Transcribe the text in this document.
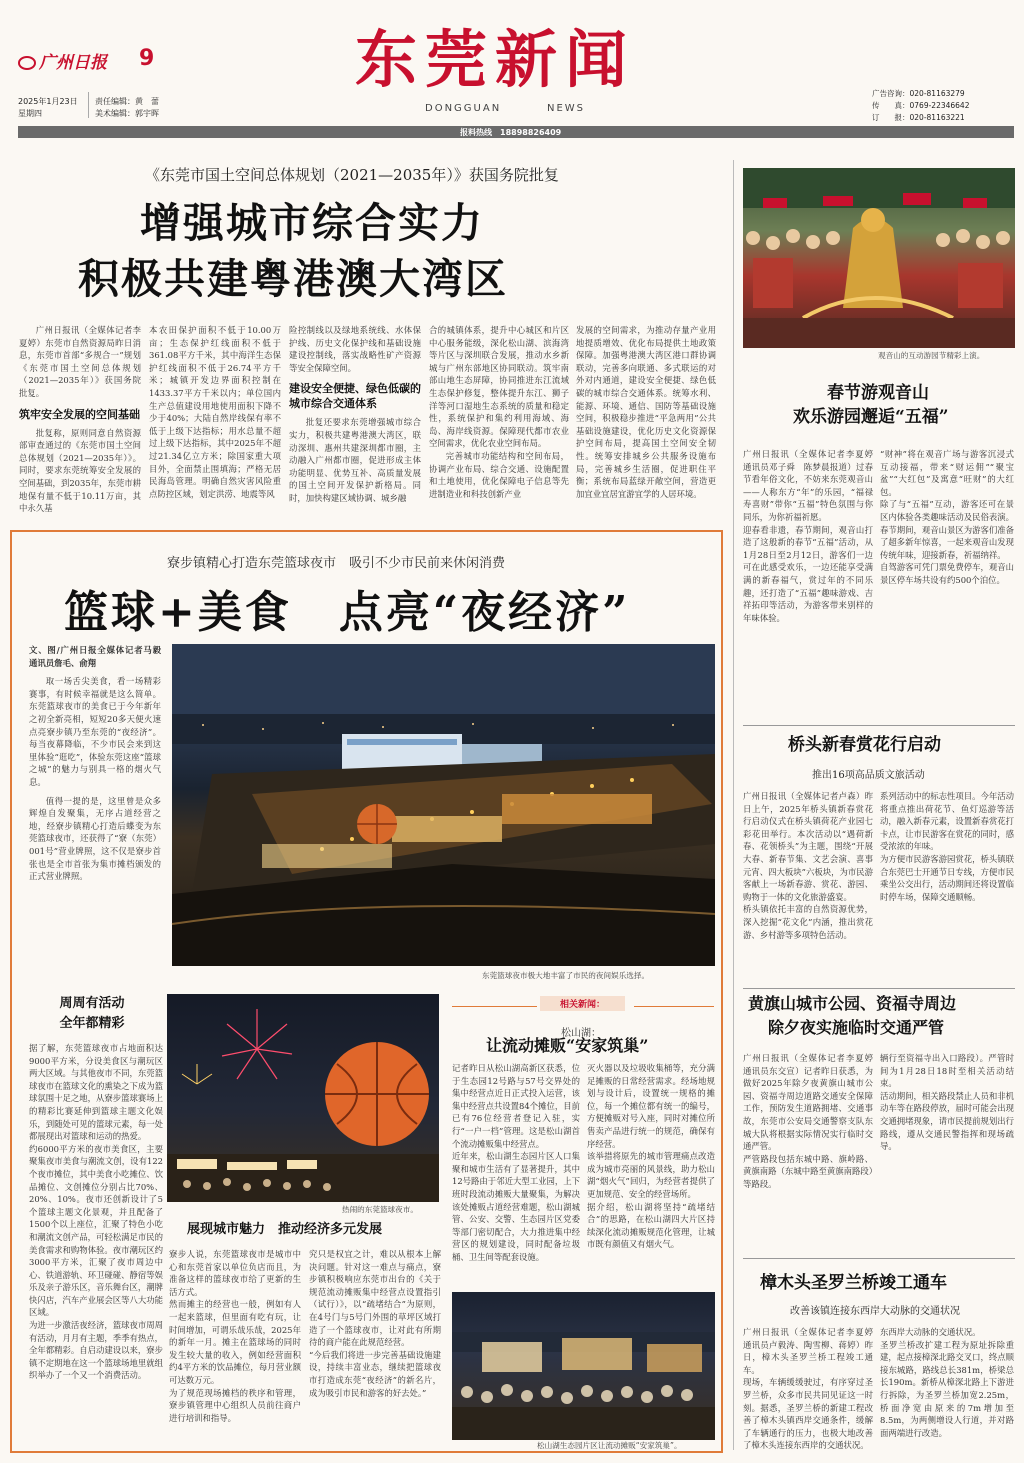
广州日报 9
2025年1月23日
星期四
责任编辑：黄　蕾
美术编辑：郭宇晖
东莞新闻
DONGGUAN	NEWS
广告咨询：020-81163279
传　　真：0769-22346642
订　　报：020-81163221
报料热线　18898826409
《东莞市国土空间总体规划（2021—2035年）》获国务院批复
增强城市综合实力
积极共建粤港澳大湾区

广州日报讯（全媒体记者李夏婷）东莞市自然资源局昨日消息，东莞市首部“多规合一”规划《东莞市国土空间总体规划（2021—2035年）》获国务院批复。

筑牢安全发展的空间基础

批复称，原则同意自然资源部审查通过的《东莞市国土空间总体规划（2021—2035年）》。同时，要求东莞统筹安全发展的空间基础，到2035年，东莞市耕地保有量不低于10.11万亩，其中永久基

本农田保护面积不低于10.00万亩；生态保护红线面积不低于361.08平方千米，其中海洋生态保护红线面积不低于26.74平方千米；城镇开发边界面积控制在1433.37平方千米以内；单位国内生产总值建设用地使用面积下降不少于40%；大陆自然岸线保有率不低于上级下达指标；用水总量不超过上级下达指标，其中2025年不超过21.34亿立方米；除国家重大项目外，全面禁止围填海；严格无居民海岛管理。明确自然灾害风险重点防控区域，划定洪涝、地震等风

险控制线以及绿地系统线、水体保护线、历史文化保护线和基础设施建设控制线，落实战略性矿产资源等安全保障空间。

建设安全便捷、绿色低碳的城市综合交通体系

批复还要求东莞增强城市综合实力，积极共建粤港澳大湾区，联动深圳、惠州共建深圳都市圈，主动融入广州都市圈，促进形成主体功能明显、优势互补、高质量发展的国土空间开发保护新格局。同时，加快构建区域协调、城乡融

合的城镇体系，提升中心城区和片区中心服务能级，深化松山湖、滨海湾等片区与深圳联合发展，推动水乡新城与广州东部地区协同联动。筑牢南部山地生态屏障，协同推进东江流域生态保护修复，整体提升东江、狮子洋等河口湿地生态系统的质量和稳定性，系统保护和集约利用海域、海岛、海岸线资源。保障现代都市农业空间需求，优化农业空间布局。

完善城市功能结构和空间布局，协调产业布局、综合交通、设施配置和土地使用，优化保障电子信息等先进制造业和科技创新产业

发展的空间需求，为推动存量产业用地提质增效、优化布局提供土地政策保障。加强粤港澳大湾区港口群协调联动，完善多向联通、多式联运的对外对内通道，建设安全便捷、绿色低碳的城市综合交通体系。统筹水利、能源、环境、通信、国防等基础设施空间，积极稳步推进“平急两用”公共基础设施建设，优化历史文化资源保护空间布局，提高国土空间安全韧性。统筹安排城乡公共服务设施布局，完善城乡生活圈，促进职住平衡；系统布局蓝绿开敞空间，营造更加宜业宜居宜游宜学的人居环境。

寮步镇精心打造东莞篮球夜市　吸引不少市民前来休闲消费
篮球+美食　点亮“夜经济”

文、图/广州日报全媒体记者马毅　通讯员詹毛、俞翔

取一场舌尖美食，看一场精彩赛事，有时候幸福就是这么简单。东莞篮球夜市的美食已于今年新年之初全新亮相，短短20多天便火速点亮寮步镇乃至东莞的“夜经济”。每当夜幕降临，不少市民会来到这里体验“逛吃”，体验东莞这座“篮球之城”的魅力与别具一格的烟火气息。

值得一提的是，这里曾是众多辉煌自发聚集，无序占道经营之地，经寮步镇精心打造后蝶变为东莞篮球夜市，还获得了“寮（东莞）001号”营业牌照，这不仅是寮步首张也是全市首张为集市摊档颁发的正式营业牌照。

东莞篮球夜市极大地丰富了市民的夜间娱乐选择。
周周有活动
全年都精彩
据了解，东莞篮球夜市占地面积达9000平方米，分设美食区与潮玩区两大区域。与其他夜市不同，东莞篮球夜市在篮球文化的熏染之下成为篮球氛围十足之地，从寮步篮球赛场上的精彩比赛延伸到篮球主题文化娱乐，到随处可见的篮球元素，每一处都展现出对篮球和运动的热爱。
约6000平方米的夜市美食区，主要聚集夜市美食与潮流文创，设有122个夜市摊位，其中美食小吃摊位、饮品摊位、文创摊位分别占比70%、20%、10%。夜市还创新设计了5个篮球主题文化景观，并且配备了1500个以上座位，汇聚了特色小吃和潮流文创产品，可轻松满足市民的美食需求和购物体验。夜市潮玩区约3000平方米，汇聚了夜市周边中心、铁道游轨、环卫碰碰、静宿等娱乐及亲子游乐区，音乐舞台区，潮牌快闪店，汽车产业展会区等八大功能区域。
为进一步激活夜经济，篮球夜市周周有活动，月月有主题，季季有热点，全年都精彩。自启动建设以来，寮步镇不定期地在这一个篮球场地里就组织举办了一个又一个消费活动。
热闹的东莞篮球夜市。
展现城市魅力　推动经济多元发展
寮步人说，东莞篮球夜市是城市中心和东莞首家以单位负店而且，为准备这样的篮球夜市给了更新的生活方式。
然而摊主的经营也一般，例如有人一起来篮球，但里面有吃有玩，让时间增加，可谓乐哉乐哉，2025年的新年一月。摊主在篮球场的同时发生较大量的收入，例如经营面积约4平方米的饮品摊位，每月营业额可达数万元。
为了规范现场摊档的秩序和管理，寮步镇管理中心组织人员前往商户进行培训和指导。
究只是权宜之计，难以从根本上解决问题。针对这一难点与痛点，寮步镇积极响应东莞市出台的《关于规范流动摊贩集中经营点设置指引（试行）》，以“疏堵结合”为原则，在4号门与5号门外围的草坪区域打造了一个篮球夜市，让对此有所期待的商户能在此规范经营。
“今后我们将进一步完善基础设施建设，持续丰富业态，继续把篮球夜市打造成东莞“夜经济”的新名片，成为吸引市民和游客的好去处。”
相关新闻：
松山湖：
让流动摊贩“安家筑巢”
记者昨日从松山湖高新区获悉，位于生态园12号路与57号交界处的集中经营点近日正式投入运营，该集中经营点共设置84个摊位，目前已有76位经营者登记入驻，实行“一户一档”管理。这是松山湖首个流动摊贩集中经营点。
近年来，松山湖生态园片区人口集聚和城市生活有了显著提升，其中12号路由于邻近大型工业园，上下班时段流动摊贩大量聚集，为解决该处摊贩占道经营难题，松山湖城管、公安、交警、生态园片区党委等部门密切配合，大力推进集中经营区的规划建设，同时配备垃圾桶、卫生间等配套设施。
灭火器以及垃圾收集桶等，充分满足摊贩的日常经营需求。经场地规划与设计后，设置统一规格的摊位，每一个摊位都有统一的编号，方便摊贩对号入座，同时对摊位所售卖产品进行统一的规范，确保有序经营。
该举措将原先的城市管理痛点改造成为城市亮丽的风景线，助力松山湖“烟火气”回归，为经营者提供了更加规范、安全的经营场所。
据介绍，松山湖将坚持“疏堵结合”的思路，在松山湖四大片区持续深化流动摊贩规范化管理，让城市既有颜值又有烟火气。
松山湖生态园片区让流动摊贩“安家筑巢”。
观音山的互动游园节精彩上演。
春节游观音山
欢乐游园邂逅“五福”
广州日报讯（全媒体记者李夏婷　通讯员邓子舜　陈梦晨报道）过春节看年俗文化，不妨来东莞观音山——人称东方“年”的乐园，“福禄寿喜财”带你“五福”特色氛围与你同乐，为你祈福祈愿。
迎春看非遗，春节期间，观音山打造了这般新的春节“五福”活动，从1月28日至2月12日，游客们一边可在此感受欢乐，一边还能享受满满的新春福气，赏过年的不同乐趣，还打造了“五福”趣味游戏、吉祥拓印等活动，为游客带来别样的年味体验。
“财神”将在观音广场与游客沉浸式互动接福，带来“财运佣”“聚宝盆”“大红包”及寓意“旺财”的大红包。
除了与“五福”互动，游客还可在景区内体验各类趣味活动及民俗表演。春节期间，观音山景区为游客们准备了超多新年惊喜，一起来观音山发现传统年味，迎接新春，祈福纳祥。
自驾游客可凭门票免费停车，观音山景区停车场共设有约500个泊位。
桥头新春赏花行启动
推出16项高品质文旅活动
广州日报讯（全媒体记者卢森）昨日上午，2025年桥头镇新春赏花行启动仪式在桥头镇荷花产业园七彩花田举行。本次活动以“遇荷新春、花领桥头”为主题，围绕“开展大春、新春节集、文艺会演、喜事元宵、四大板块”六板块，为市民游客献上一场新春游、赏花、游园、购物于一体的文化旅游盛宴。
桥头镇依托丰富的自然资源优势，深入挖掘“花文化”内涵，推出赏花游、乡村游等多项特色活动。
系列活动中的标志性项目。今年活动将重点推出荷花节、鱼灯巡游等活动，融入新春元素，设置新春赏花打卡点，让市民游客在赏花的同时，感受浓浓的年味。
为方便市民游客游园赏花，桥头镇联合东莞巴士开通节日专线，方便市民乘坐公交出行，活动期间还将设置临时停车场，保障交通顺畅。
黄旗山城市公园、资福寺周边
除夕夜实施临时交通严管
广州日报讯（全媒体记者李夏婷　通讯员东交宣）记者昨日获悉，为做好2025年除夕夜黄旗山城市公园、资福寺周边道路交通安全保障工作，预防发生道路拥堵、交通事故，东莞市公安局交通警察支队东城大队将根据实际情况实行临时交通严管。
严管路段包括东城中路、旗岭路、黄旗南路（东城中路至黄旗南路段）等路段。
辆行至资福寺出入口路段）。严管时间为1月28日18时至相关活动结束。
活动期间，相关路段禁止人员和非机动车等在路段停放，届时可能会出现交通拥堵现象，请市民提前规划出行路线，遵从交通民警指挥和现场疏导。
樟木头圣罗兰桥竣工通车
改善该镇连接东西岸大动脉的交通状况
广州日报讯（全媒体记者李夏婷　通讯员卢毅涛、陶雪柳、蒋婷）昨日，樟木头圣罗兰桥工程竣工通车。
现场，车辆缓缓驶过，有序穿过圣罗兰桥，众多市民共同见证这一时刻。据悉，圣罗兰桥的新建工程改善了樟木头镇西岸交通条件，缓解了车辆通行的压力，也极大地改善了樟木头连接东西岸的交通状况。
东西岸大动脉的交通状况。
圣罗兰桥改扩建工程为原址拆除重建，起点接樟深北路交叉口，终点顺接东城路，路线总长381m，桥梁总长190m。新桥从樟深北路上下游进行拆除，为圣罗兰桥加宽2.25m，桥面净宽由原来的7m增加至8.5m，为两侧增设人行道，并对路面两端进行改造。
